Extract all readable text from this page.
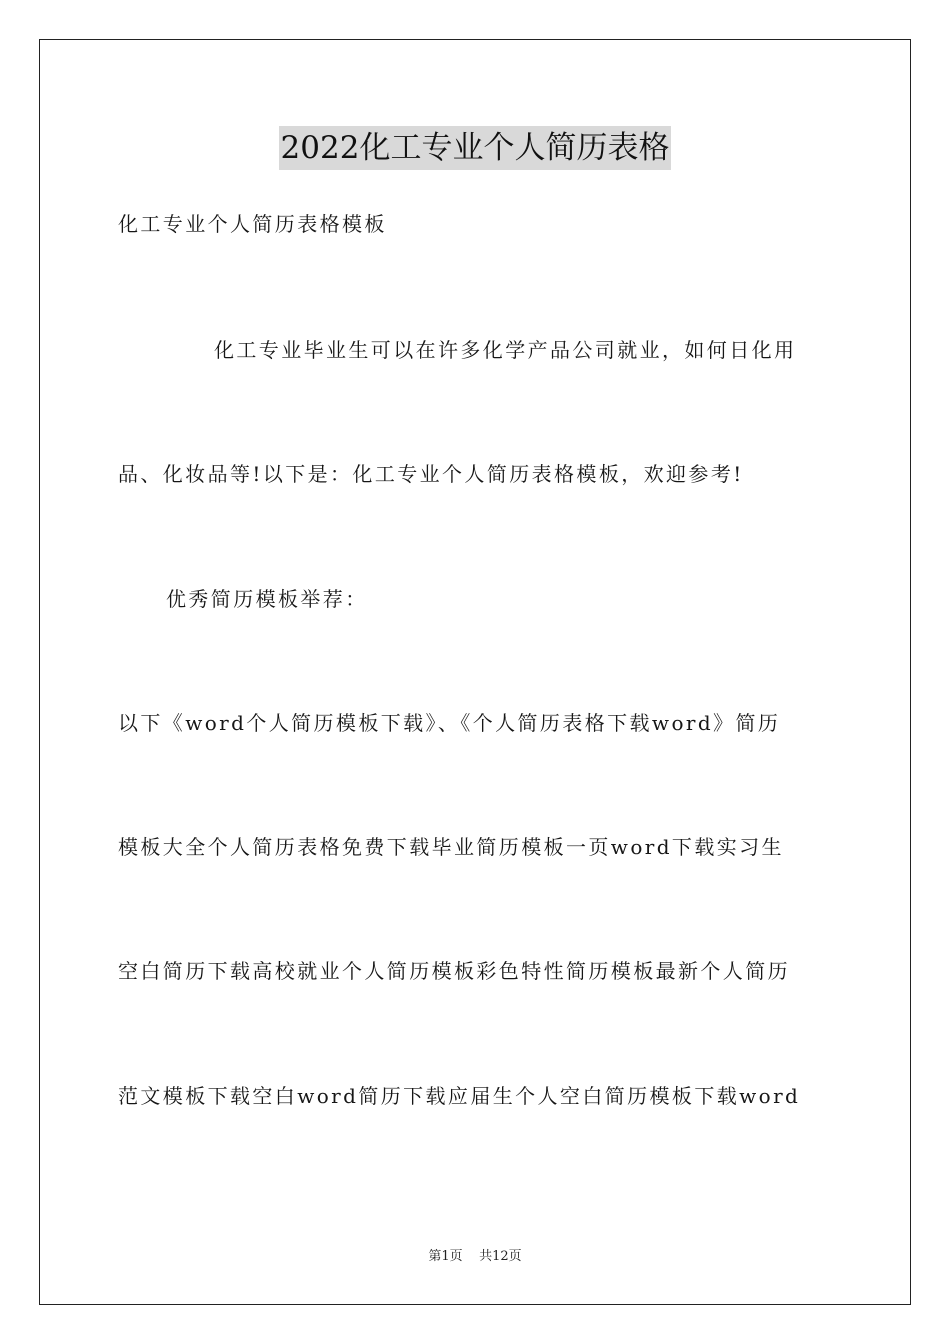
2022化工专业个人简历表格
化工专业个人简历表格模板
化工专业毕业生可以在许多化学产品公司就业，如何日化用
品、化妆品等!以下是：化工专业个人简历表格模板，欢迎参考!
优秀简历模板举荐：
以下《word个人简历模板下载》、《个人简历表格下载word》简历
模板大全个人简历表格免费下载毕业简历模板一页word下载实习生
空白简历下载高校就业个人简历模板彩色特性简历模板最新个人简历
范文模板下载空白word简历下载应届生个人空白简历模板下载word
第1页    共12页
